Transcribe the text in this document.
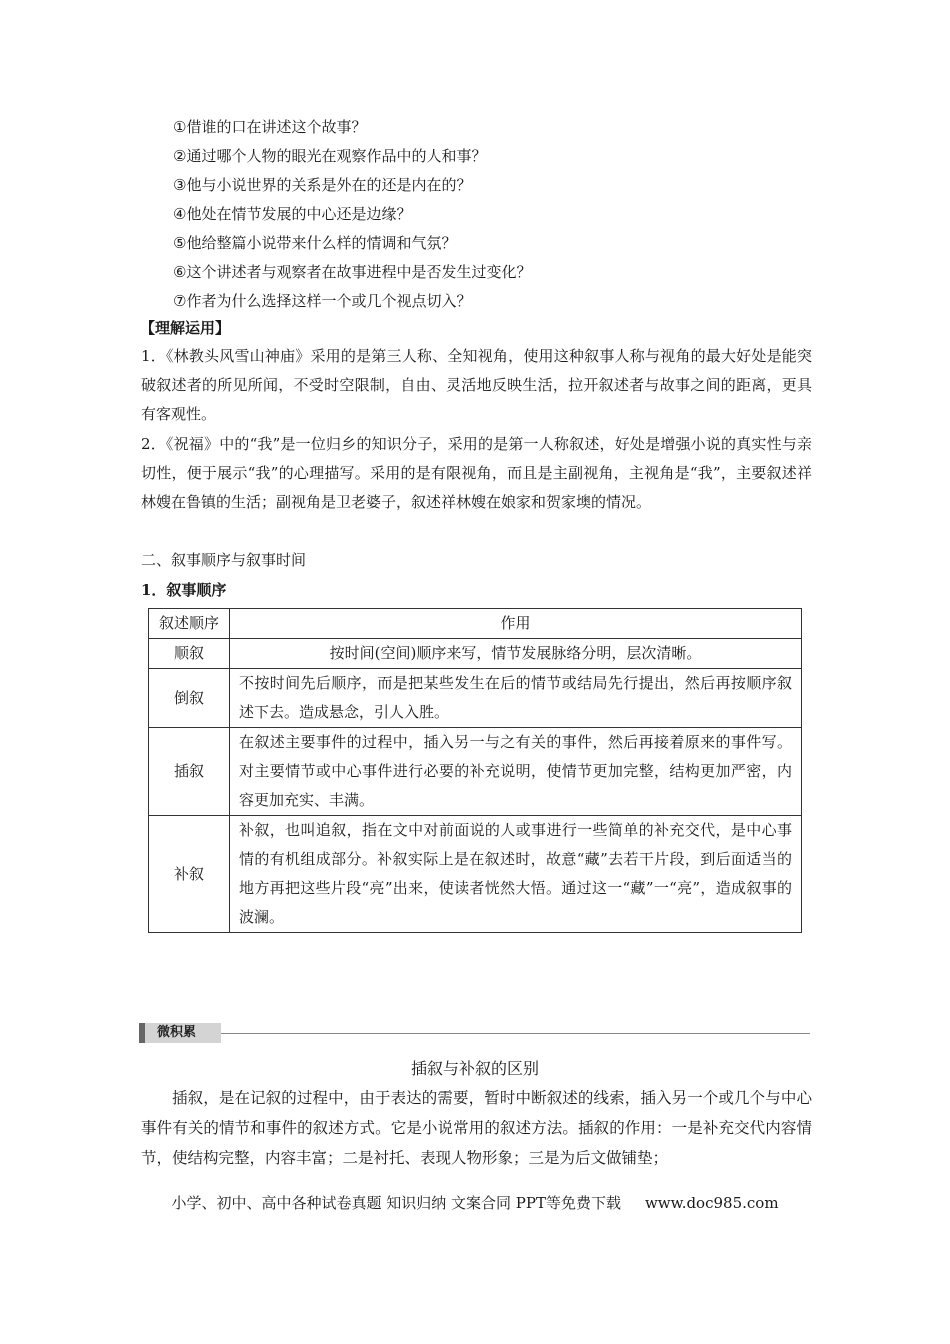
①借谁的口在讲述这个故事？
②通过哪个人物的眼光在观察作品中的人和事？
③他与小说世界的关系是外在的还是内在的？
④他处在情节发展的中心还是边缘？
⑤他给整篇小说带来什么样的情调和气氛？
⑥这个讲述者与观察者在故事进程中是否发生过变化？
⑦作者为什么选择这样一个或几个视点切入？
【理解运用】
1．《林教头风雪山神庙》采用的是第三人称、全知视角，使用这种叙事人称与视角的最大好处是能突破叙述者的所见所闻，不受时空限制，自由、灵活地反映生活，拉开叙述者与故事之间的距离，更具有客观性。
2．《祝福》中的“我”是一位归乡的知识分子，采用的是第一人称叙述，好处是增强小说的真实性与亲切性，便于展示“我”的心理描写。采用的是有限视角，而且是主副视角，主视角是“我”，主要叙述祥林嫂在鲁镇的生活；副视角是卫老婆子，叙述祥林嫂在娘家和贺家墺的情况。
二、叙事顺序与叙事时间
1．叙事顺序
叙述顺序	作用
顺叙	按时间(空间)顺序来写，情节发展脉络分明，层次清晰。
倒叙	不按时间先后顺序，而是把某些发生在后的情节或结局先行提出，然后再按顺序叙述下去。造成悬念，引人入胜。
插叙	在叙述主要事件的过程中，插入另一与之有关的事件，然后再接着原来的事件写。对主要情节或中心事件进行必要的补充说明，使情节更加完整，结构更加严密，内容更加充实、丰满。
补叙	补叙，也叫追叙，指在文中对前面说的人或事进行一些简单的补充交代，是中心事情的有机组成部分。补叙实际上是在叙述时，故意“藏”去若干片段，到后面适当的地方再把这些片段“亮”出来，使读者恍然大悟。通过这一“藏”一“亮”，造成叙事的波澜。
微积累
插叙与补叙的区别
插叙，是在记叙的过程中，由于表达的需要，暂时中断叙述的线索，插入另一个或几个与中心事件有关的情节和事件的叙述方式。它是小说常用的叙述方法。插叙的作用：一是补充交代内容情节，使结构完整，内容丰富；二是衬托、表现人物形象；三是为后文做铺垫；
小学、初中、高中各种试卷真题 知识归纳 文案合同 PPT等免费下载 www.doc985.com
